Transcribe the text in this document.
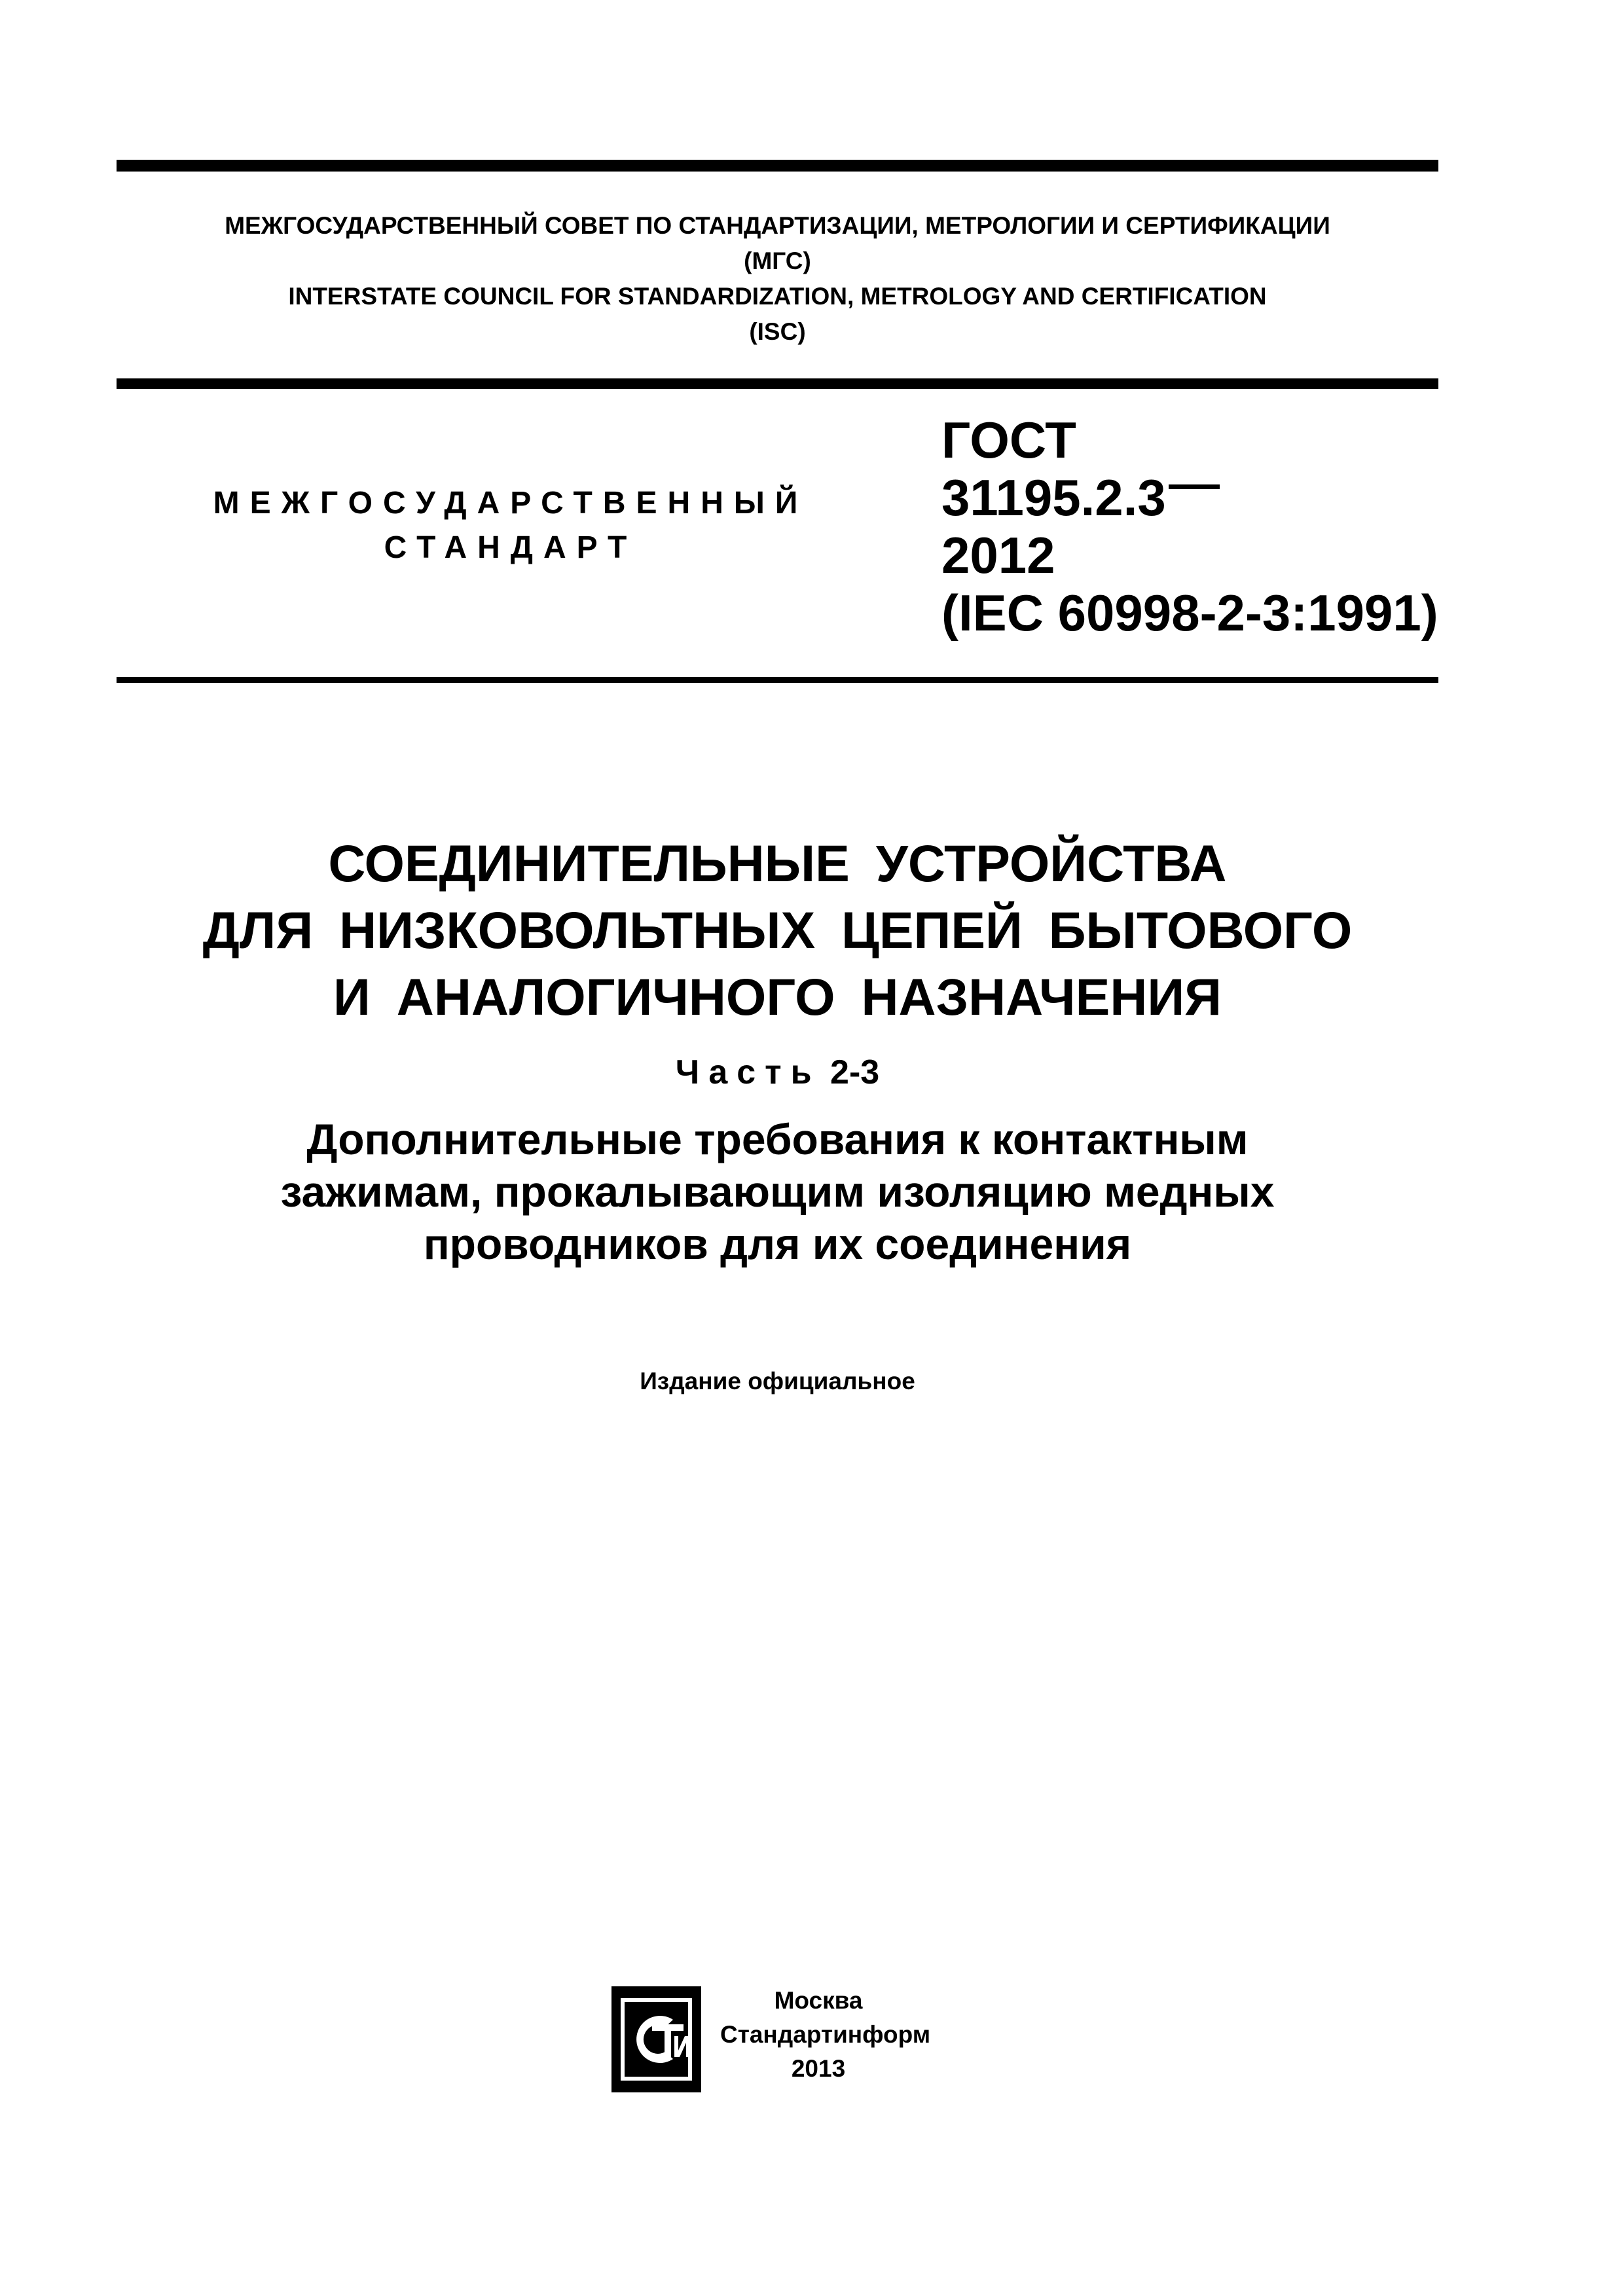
МЕЖГОСУДАРСТВЕННЫЙ СОВЕТ ПО СТАНДАРТИЗАЦИИ, МЕТРОЛОГИИ И СЕРТИФИКАЦИИ
(МГС)
INTERSTATE COUNCIL FOR STANDARDIZATION, METROLOGY AND CERTIFICATION
(ISC)
МЕЖГОСУДАРСТВЕННЫЙ
СТАНДАРТ
ГОСТ
31195.2.3
2012
(IEC 60998-2-3:1991)
СОЕДИНИТЕЛЬНЫЕ УСТРОЙСТВА
ДЛЯ НИЗКОВОЛЬТНЫХ ЦЕПЕЙ БЫТОВОГО
И АНАЛОГИЧНОГО НАЗНАЧЕНИЯ
Часть 2-3
Дополнительные требования к контактным
зажимам, прокалывающим изоляцию медных
проводников для их соединения
Издание официальное
Москва
Стандартинформ
2013
